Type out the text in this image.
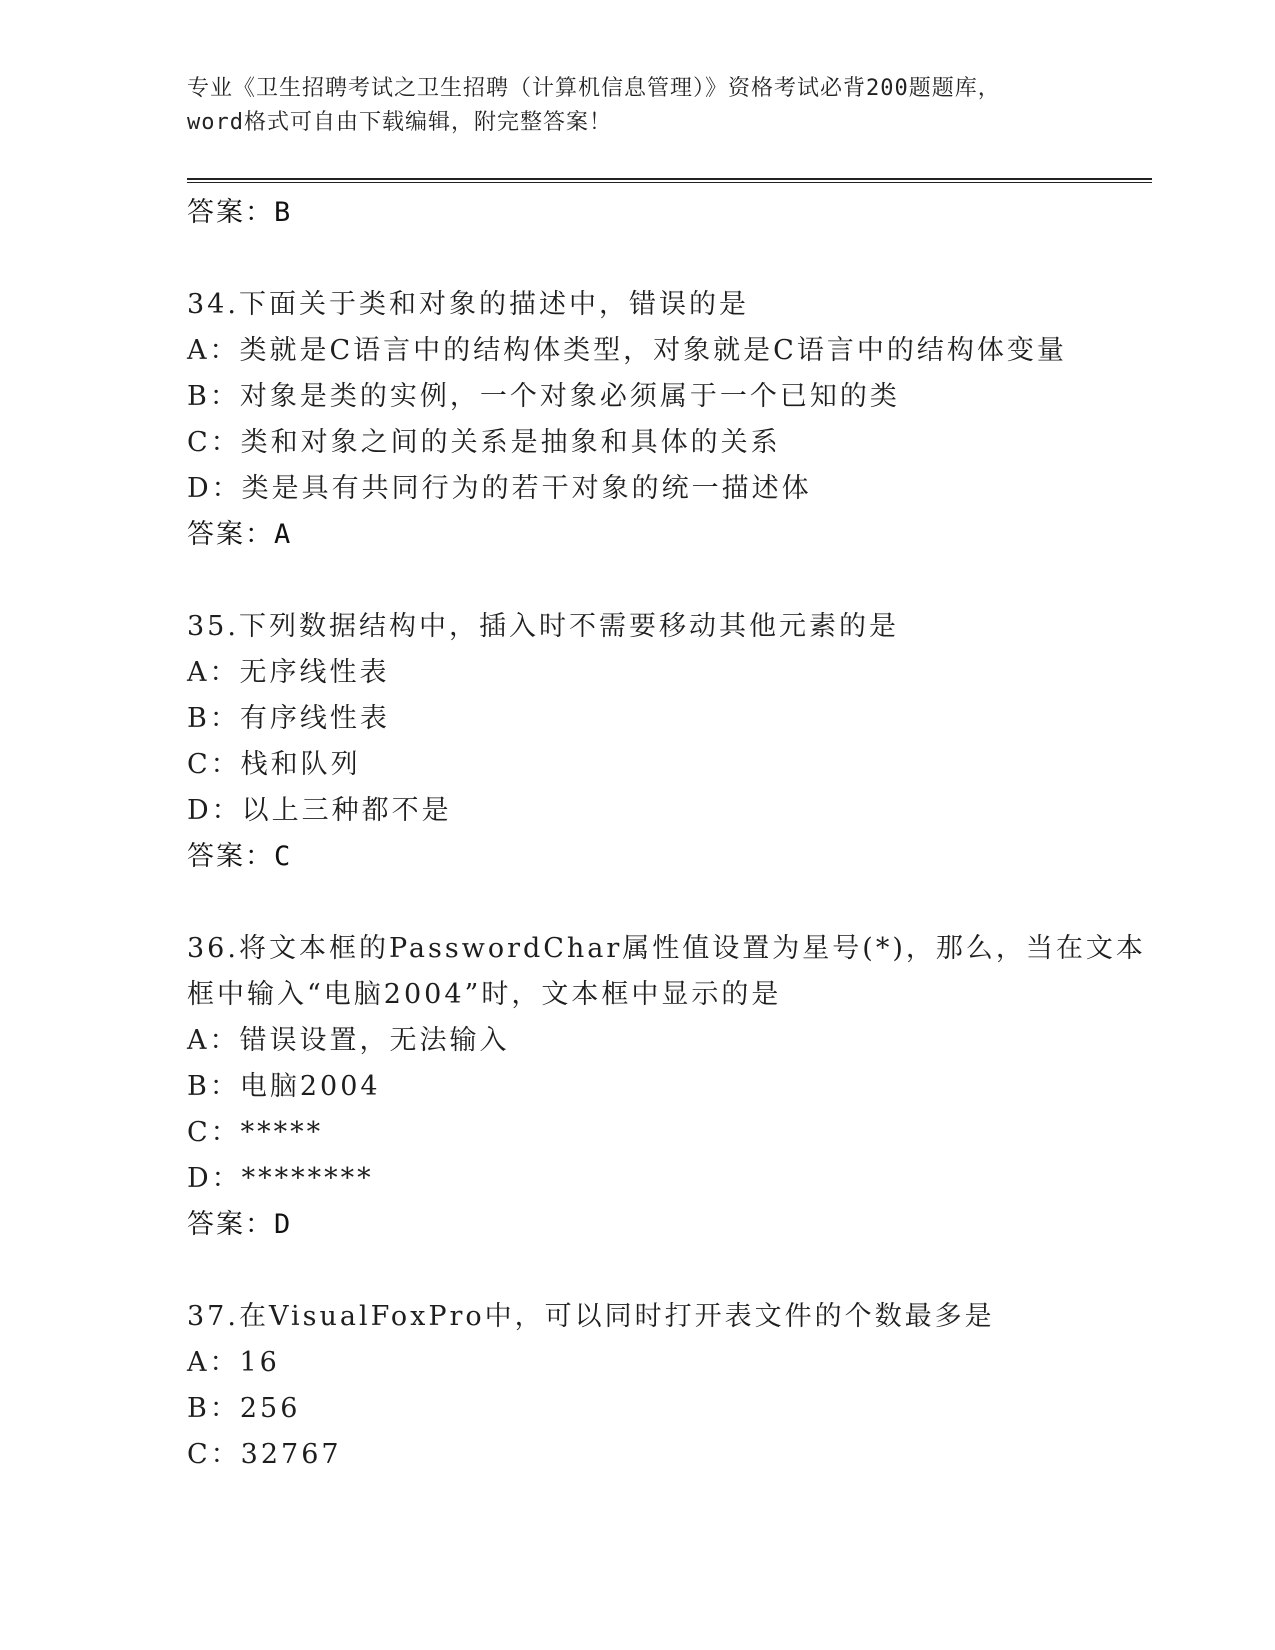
专业《卫生招聘考试之卫生招聘（计算机信息管理）》资格考试必背200题题库，
word格式可自由下载编辑，附完整答案！
答案：B
34.下面关于类和对象的描述中，错误的是
A：类就是C语言中的结构体类型，对象就是C语言中的结构体变量
B：对象是类的实例，一个对象必须属于一个已知的类
C：类和对象之间的关系是抽象和具体的关系
D：类是具有共同行为的若干对象的统一描述体
答案：A
35.下列数据结构中，插入时不需要移动其他元素的是
A：无序线性表
B：有序线性表
C：栈和队列
D：以上三种都不是
答案：C
36.将文本框的PasswordChar属性值设置为星号(*)，那么，当在文本
框中输入“电脑2004”时，文本框中显示的是
A：错误设置，无法输入
B：电脑2004
C：*****
D：********
答案：D
37.在VisualFoxPro中，可以同时打开表文件的个数最多是
A：16
B：256
C：32767
